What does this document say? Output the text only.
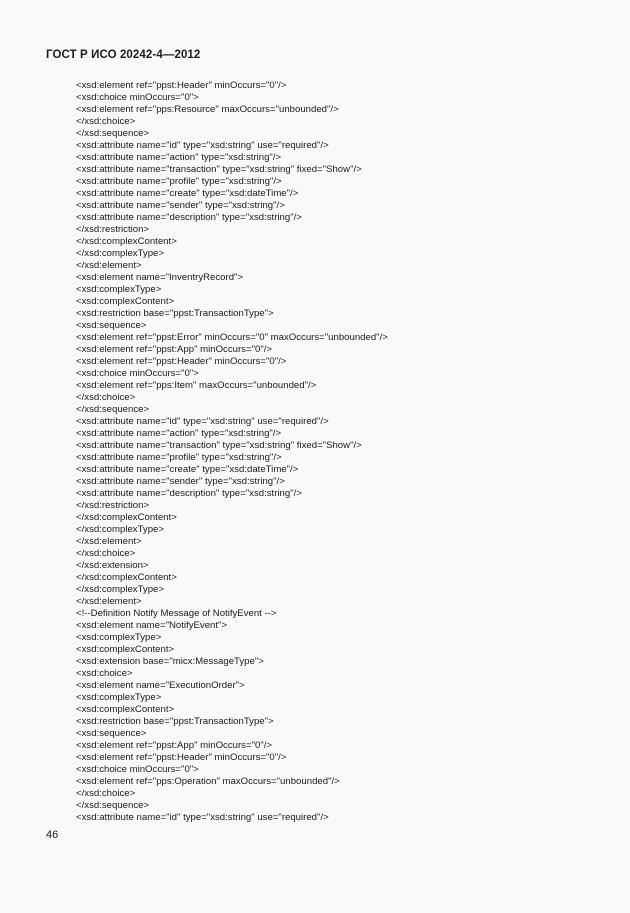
ГОСТ Р ИСО 20242-4—2012
<xsd:element ref="ppst:Header" minOccurs="0"/>
<xsd:choice minOccurs="0">
<xsd:element ref="pps:Resource" maxOccurs="unbounded"/>
</xsd:choice>
</xsd:sequence>
<xsd:attribute name="id" type="xsd:string" use="required"/>
<xsd:attribute name="action" type="xsd:string"/>
<xsd:attribute name="transaction" type="xsd:string" fixed="Show"/>
<xsd:attribute name="profile" type="xsd:string"/>
<xsd:attribute name="create" type="xsd:dateTime"/>
<xsd:attribute name="sender" type="xsd:string"/>
<xsd:attribute name="description" type="xsd:string"/>
</xsd:restriction>
</xsd:complexContent>
</xsd:complexType>
</xsd:element>
<xsd:element name="InventryRecord">
<xsd:complexType>
<xsd:complexContent>
<xsd:restriction base="ppst:TransactionType">
<xsd:sequence>
<xsd:element ref="ppst:Error" minOccurs="0" maxOccurs="unbounded"/>
<xsd:element ref="ppst:App" minOccurs="0"/>
<xsd:element ref="ppst:Header" minOccurs="0"/>
<xsd:choice minOccurs="0">
<xsd:element ref="pps:Item" maxOccurs="unbounded"/>
</xsd:choice>
</xsd:sequence>
<xsd:attribute name="id" type="xsd:string" use="required"/>
<xsd:attribute name="action" type="xsd:string"/>
<xsd:attribute name="transaction" type="xsd:string" fixed="Show"/>
<xsd:attribute name="profile" type="xsd:string"/>
<xsd:attribute name="create" type="xsd:dateTime"/>
<xsd:attribute name="sender" type="xsd:string"/>
<xsd:attribute name="description" type="xsd:string"/>
</xsd:restriction>
</xsd:complexContent>
</xsd:complexType>
</xsd:element>
</xsd:choice>
</xsd:extension>
</xsd:complexContent>
</xsd:complexType>
</xsd:element>
<!--Definition Notify Message of NotifyEvent -->
<xsd:element name="NotifyEvent">
<xsd:complexType>
<xsd:complexContent>
<xsd:extension base="micx:MessageType">
<xsd:choice>
<xsd:element name="ExecutionOrder">
<xsd:complexType>
<xsd:complexContent>
<xsd:restriction base="ppst:TransactionType">
<xsd:sequence>
<xsd:element ref="ppst:App" minOccurs="0"/>
<xsd:element ref="ppst:Header" minOccurs="0"/>
<xsd:choice minOccurs="0">
<xsd:element ref="pps:Operation" maxOccurs="unbounded"/>
</xsd:choice>
</xsd:sequence>
<xsd:attribute name="id" type="xsd:string" use="required"/>
46
